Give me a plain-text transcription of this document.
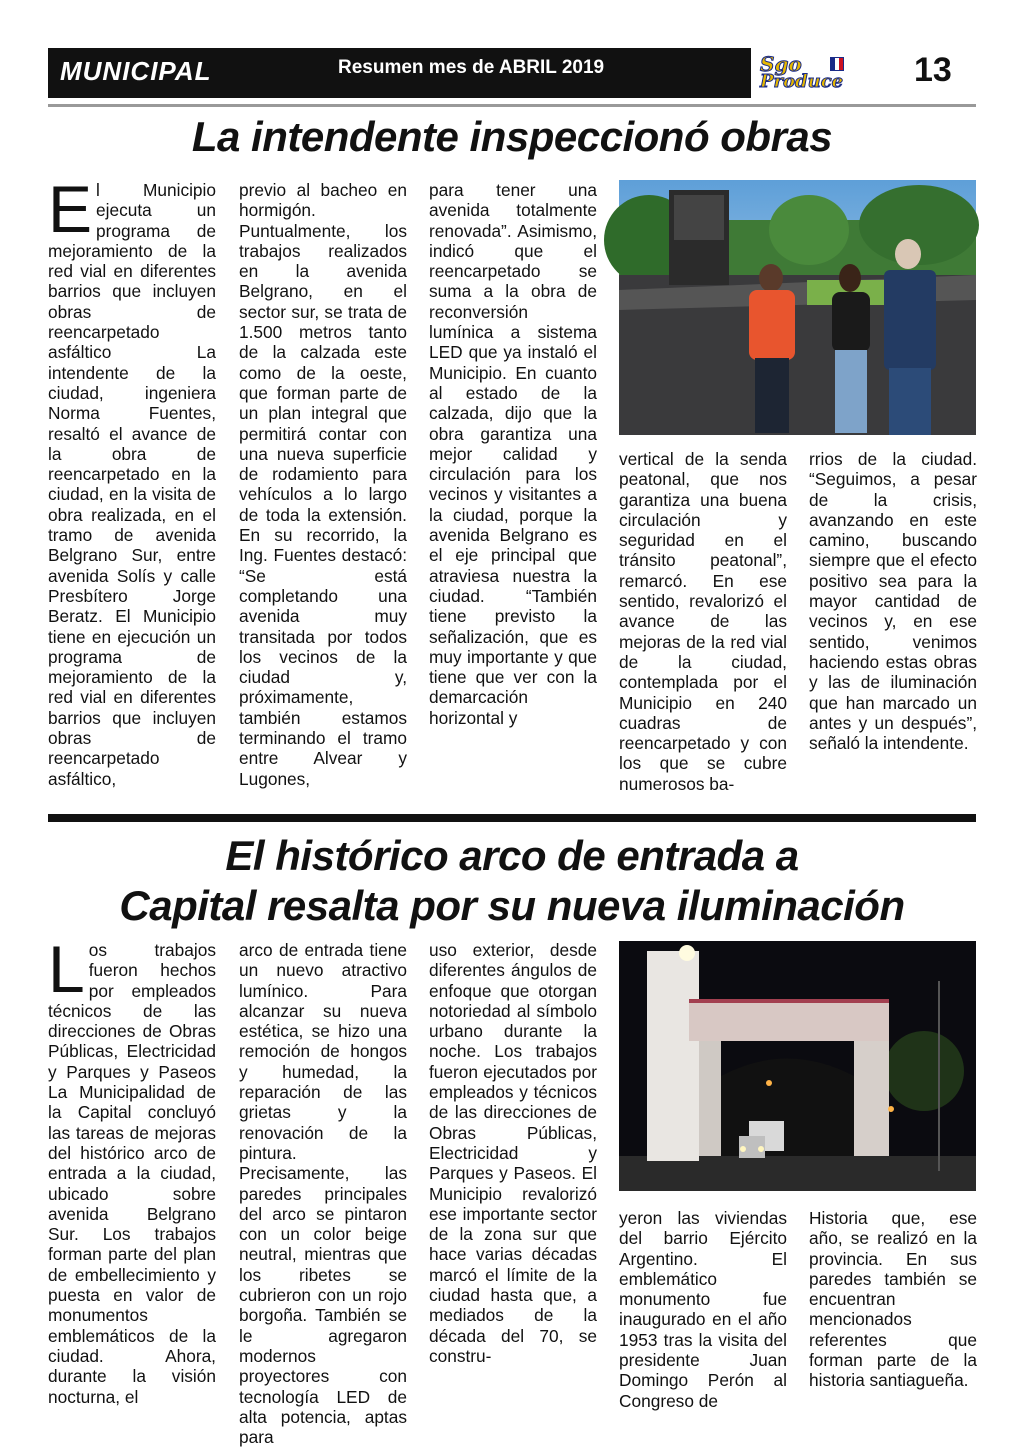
MUNICIPAL	Resumen mes de ABRIL 2019	Sgo
Produce 13
La intendente inspeccionó obras
E l Municipio ejecuta un programa de mejoramiento de la red vial en diferentes barrios que incluyen obras de reencarpetado asfáltico La intendente de la ciudad, ingeniera Norma Fuentes, resaltó el avance de la obra de reencarpetado en la ciudad, en la visita de obra realizada, en el tramo de avenida Belgrano Sur, entre avenida Solís y calle Presbítero Jorge Beratz. El Municipio tiene en ejecución un programa de mejoramiento de la red vial en diferentes barrios que incluyen obras de reencarpetado asfáltico,
previo al bacheo en hormigón. Puntualmente, los trabajos realizados en la avenida Belgrano, en el sector sur, se trata de 1.500 metros tanto de la calzada este como de la oeste, que forman parte de un plan integral que permitirá contar con una nueva superficie de rodamiento para vehículos a lo largo de toda la extensión. En su recorrido, la Ing. Fuentes destacó: “Se está completando una avenida muy transitada por todos los vecinos de la ciudad y, próximamente, también estamos terminando el tramo entre Alvear y Lugones,
para tener una avenida totalmente renovada”. Asimismo, indicó que el reencarpetado se suma a la obra de reconversión lumínica a sistema LED que ya instaló el Municipio. En cuanto al estado de la calzada, dijo que la obra garantiza una mejor calidad y circulación para los vecinos y visitantes a la ciudad, porque la avenida Belgrano es el eje principal que atraviesa nuestra la ciudad. “También tiene previsto la señalización, que es muy importante y que tiene que ver con la demarcación horizontal y
vertical de la senda peatonal, que nos garantiza una buena circulación y seguridad en el tránsito peatonal”, remarcó. En ese sentido, revalorizó el avance de las mejoras de la red vial de la ciudad, contemplada por el Municipio en 240 cuadras de reencarpetado y con los que se cubre numerosos ba-
rrios de la ciudad. “Seguimos, a pesar de la crisis, avanzando en este camino, buscando siempre que el efecto positivo sea para la mayor cantidad de vecinos y, en ese sentido, venimos haciendo estas obras y las de iluminación que han marcado un antes y un después”, señaló la intendente.
El histórico arco de entrada a
Capital resalta por su nueva iluminación
L os trabajos fueron hechos por empleados técnicos de las direcciones de Obras Públicas, Electricidad y Parques y Paseos La Municipalidad de la Capital concluyó las tareas de mejoras del histórico arco de entrada a la ciudad, ubicado sobre avenida Belgrano Sur. Los trabajos forman parte del plan de embellecimiento y puesta en valor de monumentos emblemáticos de la ciudad. Ahora, durante la visión nocturna, el
arco de entrada tiene un nuevo atractivo lumínico. Para alcanzar su nueva estética, se hizo una remoción de hongos y humedad, la reparación de las grietas y la renovación de la pintura. Precisamente, las paredes principales del arco se pintaron con un color beige neutral, mientras que los ribetes se cubrieron con un rojo borgoña. También se le agregaron modernos proyectores con tecnología LED de alta potencia, aptas para
uso exterior, desde diferentes ángulos de enfoque que otorgan notoriedad al símbolo urbano durante la noche. Los trabajos fueron ejecutados por empleados y técnicos de las direcciones de Obras Públicas, Electricidad y Parques y Paseos. El Municipio revalorizó ese importante sector de la zona sur que hace varias décadas marcó el límite de la ciudad hasta que, a mediados de la década del 70, se constru-
yeron las viviendas del barrio Ejército Argentino. El emblemático monumento fue inaugurado en el año 1953 tras la visita del presidente Juan Domingo Perón al Congreso de
Historia que, ese año, se realizó en la provincia. En sus paredes también se encuentran mencionados referentes que forman parte de la historia santiagueña.
